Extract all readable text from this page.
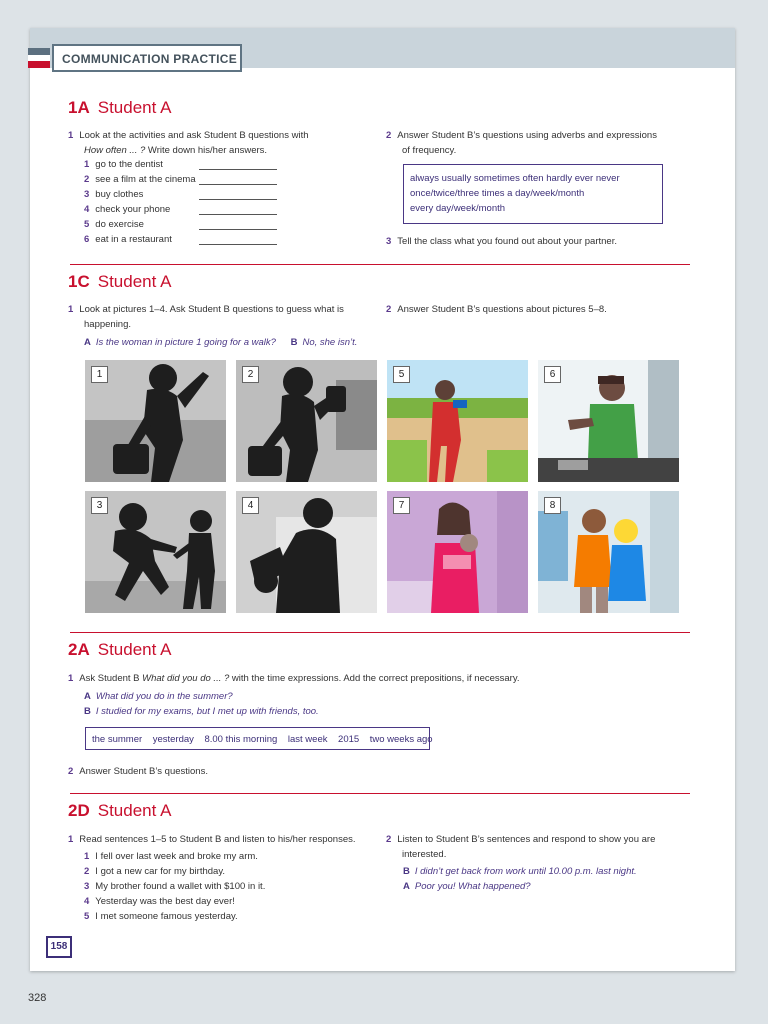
COMMUNICATION PRACTICE
1A Student A
1 Look at the activities and ask Student B questions with
How often ... ? Write down his/her answers.
1 go to the dentist
2 see a film at the cinema
3 buy clothes
4 check your phone
5 do exercise
6 eat in a restaurant
2 Answer Student B’s questions using adverbs and expressions
of frequency.
always usually sometimes often hardly ever never
once/twice/three times a day/week/month
every day/week/month
3 Tell the class what you found out about your partner.
1C Student A
1 Look at pictures 1–4. Ask Student B questions to guess what is
happening.
A Is the woman in picture 1 going for a walk? B No, she isn’t.
2 Answer Student B’s questions about pictures 5–8.
1	2	5	6
3	4	7	8
2A Student A
1 Ask Student B What did you do ... ? with the time expressions. Add the correct prepositions, if necessary.
A What did you do in the summer?
B I studied for my exams, but I met up with friends, too.
the summer    yesterday    8.00 this morning    last week    2015    two weeks ago
2 Answer Student B’s questions.
2D Student A
1 Read sentences 1–5 to Student B and listen to his/her responses.
1 I fell over last week and broke my arm.
2 I got a new car for my birthday.
3 My brother found a wallet with $100 in it.
4 Yesterday was the best day ever!
5 I met someone famous yesterday.
2 Listen to Student B’s sentences and respond to show you are
interested.
B I didn’t get back from work until 10.00 p.m. last night.
A Poor you! What happened?
158
328
